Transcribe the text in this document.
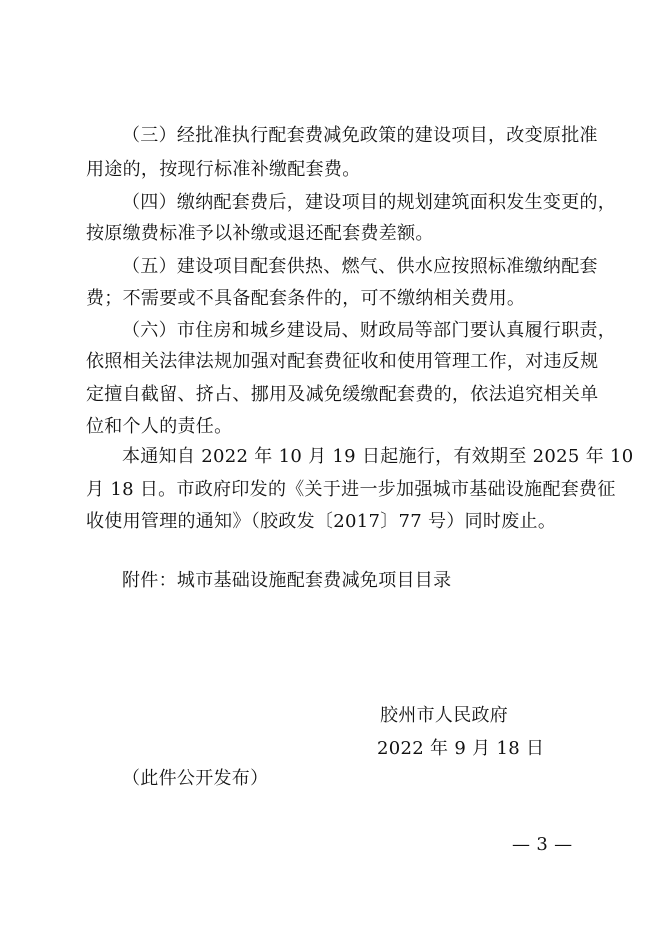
（三）经批准执行配套费减免政策的建设项目，改变原批准
用途的，按现行标准补缴配套费。
（四）缴纳配套费后，建设项目的规划建筑面积发生变更的，
按原缴费标准予以补缴或退还配套费差额。
（五）建设项目配套供热、燃气、供水应按照标准缴纳配套
费；不需要或不具备配套条件的，可不缴纳相关费用。
（六）市住房和城乡建设局、财政局等部门要认真履行职责，
依照相关法律法规加强对配套费征收和使用管理工作，对违反规
定擅自截留、挤占、挪用及减免缓缴配套费的，依法追究相关单
位和个人的责任。
本通知自 2022 年 10 月 19 日起施行，有效期至 2025 年 10
月 18 日。市政府印发的《关于进一步加强城市基础设施配套费征
收使用管理的通知》（胶政发〔2017〕77 号）同时废止。
附件：城市基础设施配套费减免项目目录
胶州市人民政府
2022 年 9 月 18 日
（此件公开发布）
— 3 —
